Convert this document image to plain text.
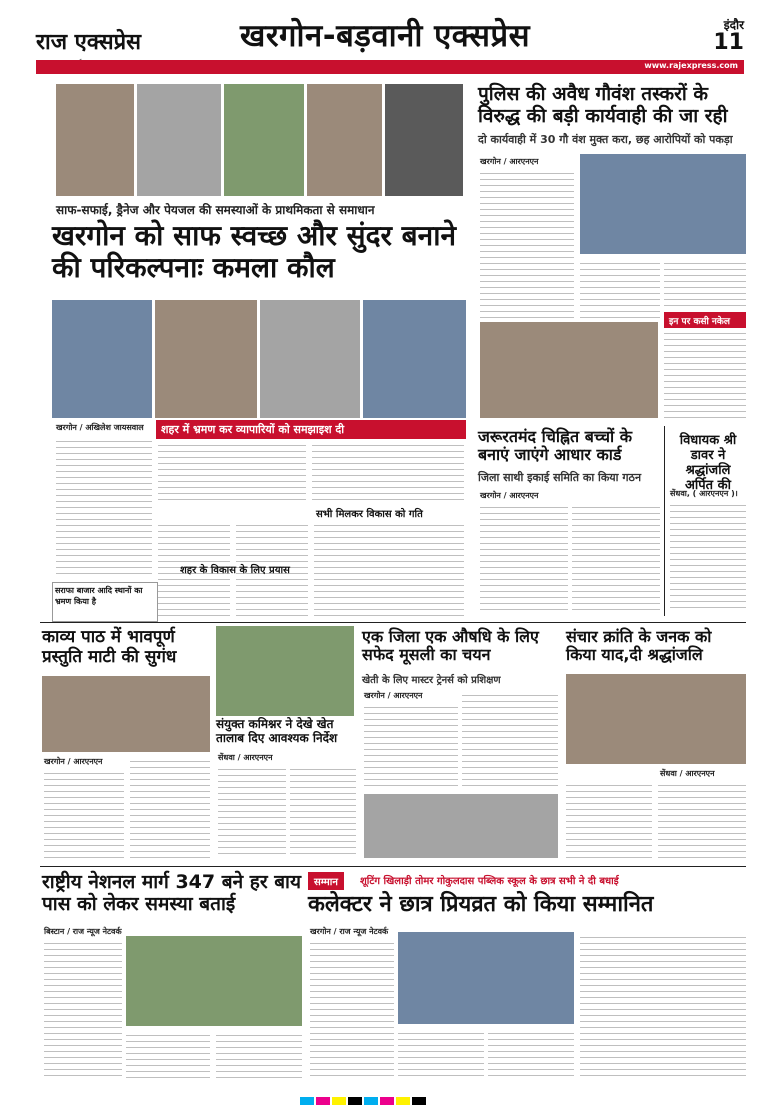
राज एक्सप्रेस	खरगोन-बड़वानी एक्सप्रेस	इंदौर
11
www.rajexpress.com
साफ-सफाई, ड्रैनेज और पेयजल की समस्याओं के प्राथमिकता से समाधान
खरगोन को साफ स्वच्छ और सुंदर बनाने की परिकल्पनाः कमला कौल
खरगोन / अखिलेश जायसवाल	शहर में भ्रमण कर व्यापारियों को समझाइश दी
सभी मिलकर विकास को गति
शहर के विकास के लिए प्रयास
सराफा बाजार आदि स्थानों का भ्रमण किया है
पुलिस की अवैध गौवंश तस्करों के विरुद्ध की बड़ी कार्यवाही की जा रही
दो कार्यवाही में 30 गौ वंश मुक्त करा, छह आरोपियों को पकड़ा
खरगोन / आरएनएन
इन पर कसी नकेल
जरूरतमंद चिह्नित बच्चों के बनाएं जाएंगे आधार कार्ड
जिला साथी इकाई समिति का किया गठन
खरगोन / आरएनएन
विधायक श्री डावर ने श्रद्धांजलि अर्पित की
सेंधवा, ( आरएनएन )।
काव्य पाठ में भावपूर्ण प्रस्तुति माटी की सुगंध
खरगोन / आरएनएन
संयुक्त कमिश्नर ने देखे खेत तालाब दिए आवश्यक निर्देश
सेंधवा / आरएनएन
एक जिला एक औषधि के लिए सफेद मूसली का चयन
खेती के लिए मास्टर ट्रेनर्स को प्रशिक्षण
खरगोन / आरएनएन
संचार क्रांति के जनक को किया याद,दी श्रद्धांजलि
सेंधवा / आरएनएन
राष्ट्रीय नेशनल मार्ग 347 बने हर बाय पास को लेकर समस्या बताई
बिस्टान / राज न्यूज नेटवर्क
सम्मान	शूटिंग खिलाड़ी तोमर गोकुलदास पब्लिक स्कूल के छात्र सभी ने दी बधाई
कलेक्टर ने छात्र प्रियव्रत को किया सम्मानित
खरगोन / राज न्यूज नेटवर्क
